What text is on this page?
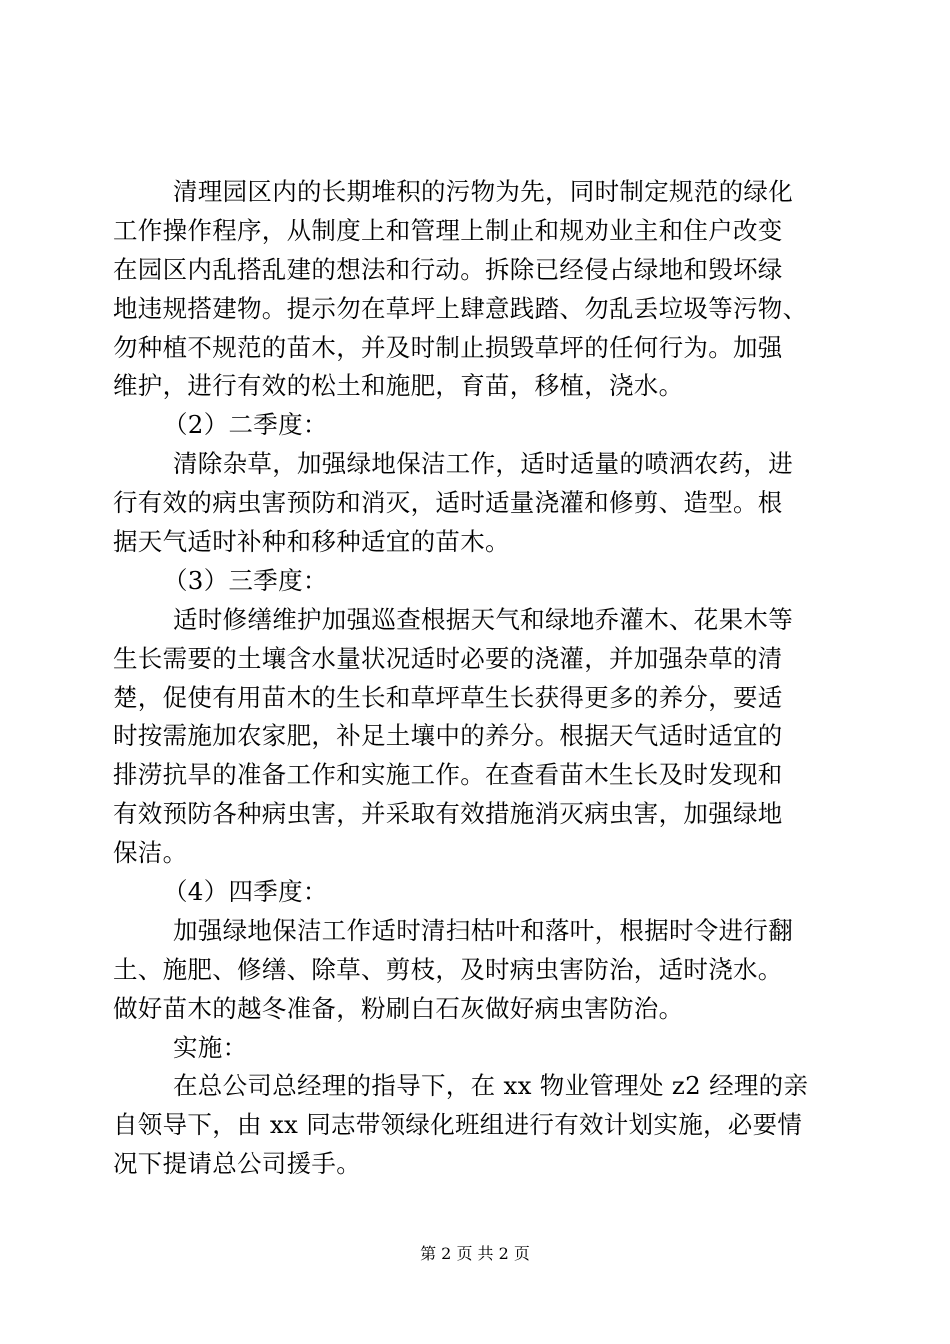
清理园区内的长期堆积的污物为先，同时制定规范的绿化
工作操作程序，从制度上和管理上制止和规劝业主和住户改变
在园区内乱搭乱建的想法和行动。拆除已经侵占绿地和毁坏绿
地违规搭建物。提示勿在草坪上肆意践踏、勿乱丢垃圾等污物、
勿种植不规范的苗木，并及时制止损毁草坪的任何行为。加强
维护，进行有效的松土和施肥，育苗，移植，浇水。
（2）二季度：
清除杂草，加强绿地保洁工作，适时适量的喷洒农药，进
行有效的病虫害预防和消灭，适时适量浇灌和修剪、造型。根
据天气适时补种和移种适宜的苗木。
（3）三季度：
适时修缮维护加强巡查根据天气和绿地乔灌木、花果木等
生长需要的土壤含水量状况适时必要的浇灌，并加强杂草的清
楚，促使有用苗木的生长和草坪草生长获得更多的养分，要适
时按需施加农家肥，补足土壤中的养分。根据天气适时适宜的
排涝抗旱的准备工作和实施工作。在查看苗木生长及时发现和
有效预防各种病虫害，并采取有效措施消灭病虫害，加强绿地
保洁。
（4）四季度：
加强绿地保洁工作适时清扫枯叶和落叶，根据时令进行翻
土、施肥、修缮、除草、剪枝，及时病虫害防治，适时浇水。
做好苗木的越冬准备，粉刷白石灰做好病虫害防治。
实施：
在总公司总经理的指导下，在 xx 物业管理处 z2 经理的亲
自领导下，由 xx 同志带领绿化班组进行有效计划实施，必要情
况下提请总公司援手。
第 2 页 共 2 页
